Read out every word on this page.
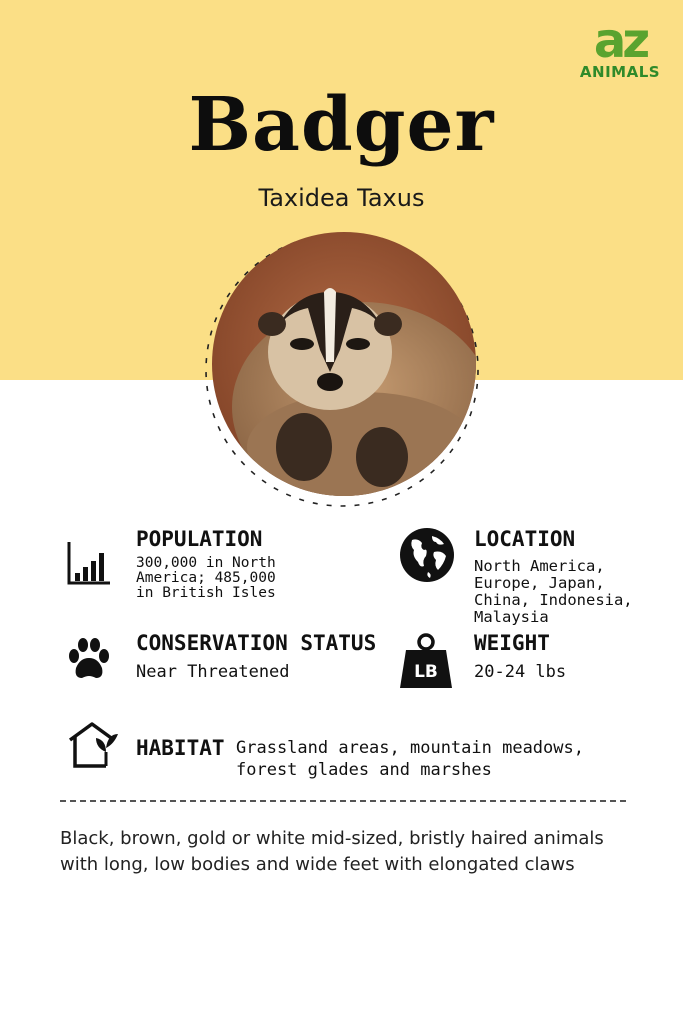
az
ANIMALS
Badger
Taxidea Taxus
POPULATION
300,000 in North America; 485,000 in British Isles
LOCATION
North America, Europe, Japan, China, Indonesia, Malaysia
CONSERVATION STATUS
Near Threatened	LB
WEIGHT
20-24 lbs
HABITAT Grassland areas, mountain meadows, forest glades and marshes
Black, brown, gold or white mid-sized, bristly haired animals with long, low bodies and wide feet with elongated claws
